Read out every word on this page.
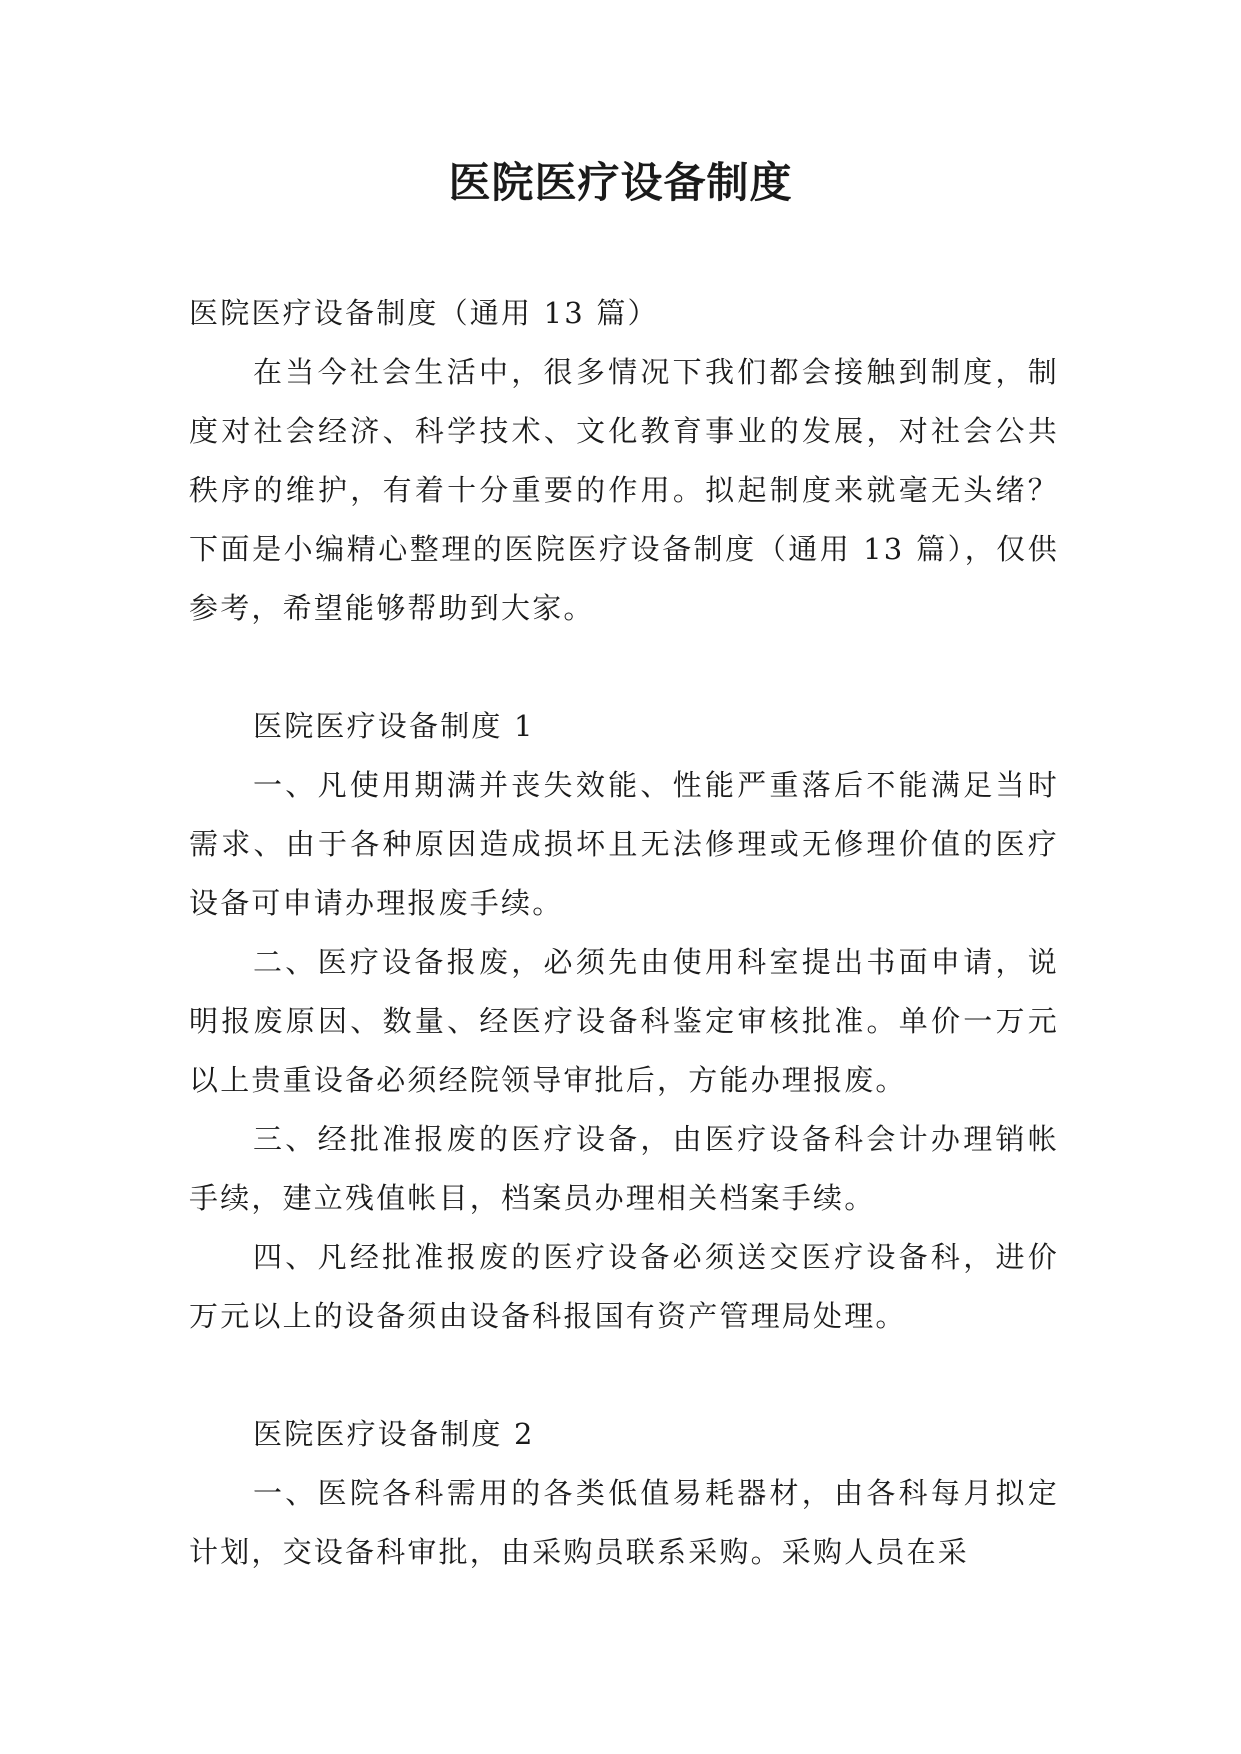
医院医疗设备制度

医院医疗设备制度（通用 13 篇）

在当今社会生活中，很多情况下我们都会接触到制度，制度对社会经济、科学技术、文化教育事业的发展，对社会公共秩序的维护，有着十分重要的作用。拟起制度来就毫无头绪？下面是小编精心整理的医院医疗设备制度（通用 13 篇），仅供参考，希望能够帮助到大家。

医院医疗设备制度 1

一、凡使用期满并丧失效能、性能严重落后不能满足当时需求、由于各种原因造成损坏且无法修理或无修理价值的医疗设备可申请办理报废手续。

二、医疗设备报废，必须先由使用科室提出书面申请，说明报废原因、数量、经医疗设备科鉴定审核批准。单价一万元以上贵重设备必须经院领导审批后，方能办理报废。

三、经批准报废的医疗设备，由医疗设备科会计办理销帐手续，建立残值帐目，档案员办理相关档案手续。

四、凡经批准报废的医疗设备必须送交医疗设备科，进价万元以上的设备须由设备科报国有资产管理局处理。

医院医疗设备制度 2

一、医院各科需用的各类低值易耗器材，由各科每月拟定计划，交设备科审批，由采购员联系采购。采购人员在采
